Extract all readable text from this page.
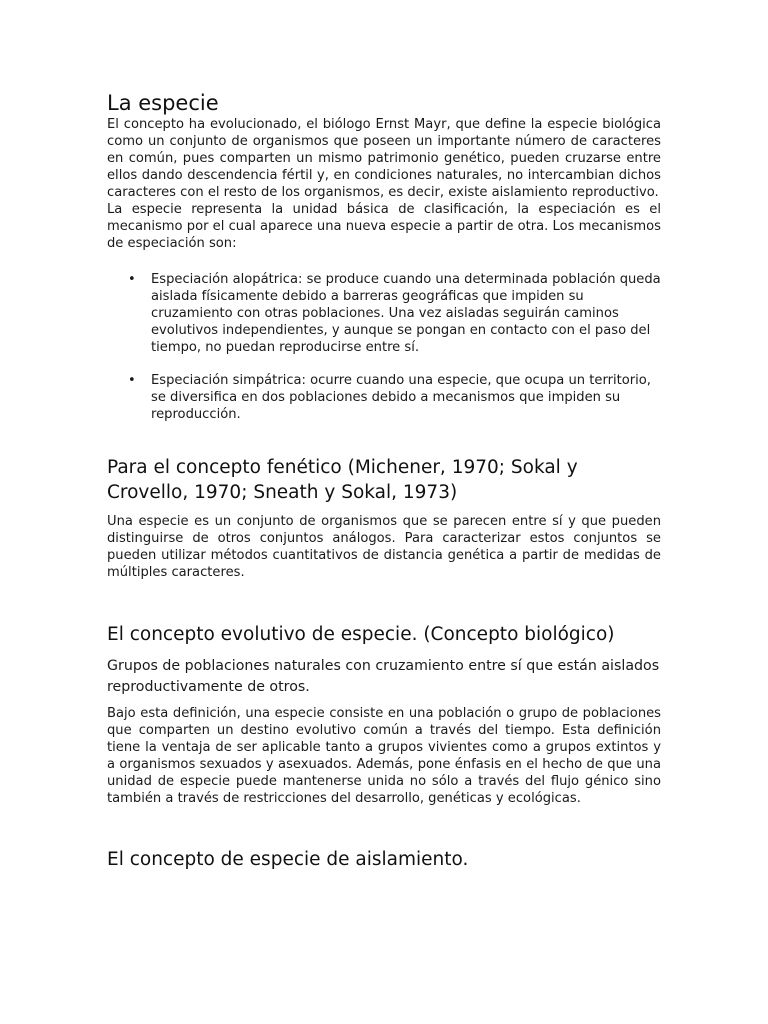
La especie

El concepto ha evolucionado, el biólogo Ernst Mayr, que define la especie biológica como un conjunto de organismos que poseen un importante número de caracteres en común, pues comparten un mismo patrimonio genético, pueden cruzarse entre ellos dando descendencia fértil y, en condiciones naturales, no intercambian dichos caracteres con el resto de los organismos, es decir, existe aislamiento reproductivo.

La especie representa la unidad básica de clasificación, la especiación es el mecanismo por el cual aparece una nueva especie a partir de otra. Los mecanismos de especiación son:

• Especiación alopátrica: se produce cuando una determinada población queda aislada físicamente debido a barreras geográficas que impiden su cruzamiento con otras poblaciones. Una vez aisladas seguirán caminos evolutivos independientes, y aunque se pongan en contacto con el paso del tiempo, no puedan reproducirse entre sí.
• Especiación simpátrica: ocurre cuando una especie, que ocupa un territorio, se diversifica en dos poblaciones debido a mecanismos que impiden su reproducción.
Para el concepto fenético (Michener, 1970; Sokal y Crovello, 1970; Sneath y Sokal, 1973)

Una especie es un conjunto de organismos que se parecen entre sí y que pueden distinguirse de otros conjuntos análogos. Para caracterizar estos conjuntos se pueden utilizar métodos cuantitativos de distancia genética a partir de medidas de múltiples caracteres.

El concepto evolutivo de especie. (Concepto biológico)

Grupos de poblaciones naturales con cruzamiento entre sí que están aislados reproductivamente de otros.

Bajo esta definición, una especie consiste en una población o grupo de poblaciones que comparten un destino evolutivo común a través del tiempo. Esta definición tiene la ventaja de ser aplicable tanto a grupos vivientes como a grupos extintos y a organismos sexuados y asexuados. Además, pone énfasis en el hecho de que una unidad de especie puede mantenerse unida no sólo a través del flujo génico sino también a través de restricciones del desarrollo, genéticas y ecológicas.

El concepto de especie de aislamiento.
